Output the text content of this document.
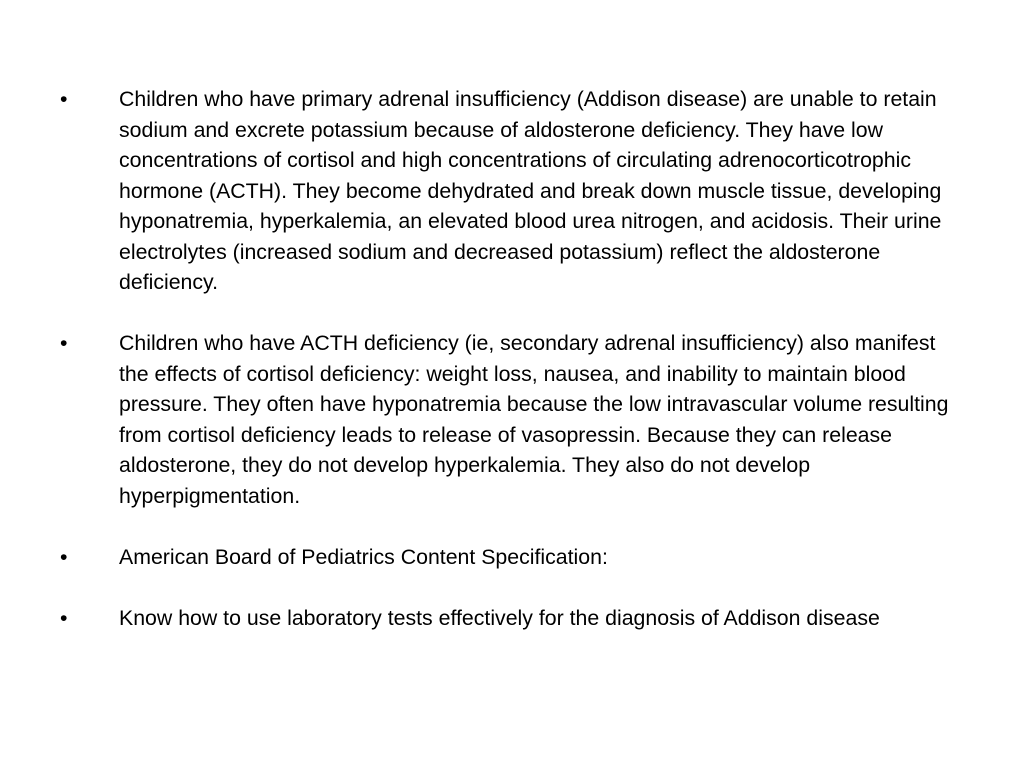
•	Children who have primary adrenal insufficiency (Addison disease) are unable to retain sodium and excrete potassium because of aldosterone deficiency. They have low concentrations of cortisol and high concentrations of circulating adrenocorticotrophic hormone (ACTH). They become dehydrated and break down muscle tissue, developing hyponatremia, hyperkalemia, an elevated blood urea nitrogen, and acidosis. Their urine electrolytes (increased sodium and decreased potassium) reflect the aldosterone deficiency.
•	Children who have ACTH deficiency (ie, secondary adrenal insufficiency) also manifest the effects of cortisol deficiency: weight loss, nausea, and inability to maintain blood pressure. They often have hyponatremia because the low intravascular volume resulting from cortisol deficiency leads to release of vasopressin. Because they can release aldosterone, they do not develop hyperkalemia. They also do not develop hyperpigmentation.
•	American Board of Pediatrics Content Specification:
•	Know how to use laboratory tests effectively for the diagnosis of Addison disease
